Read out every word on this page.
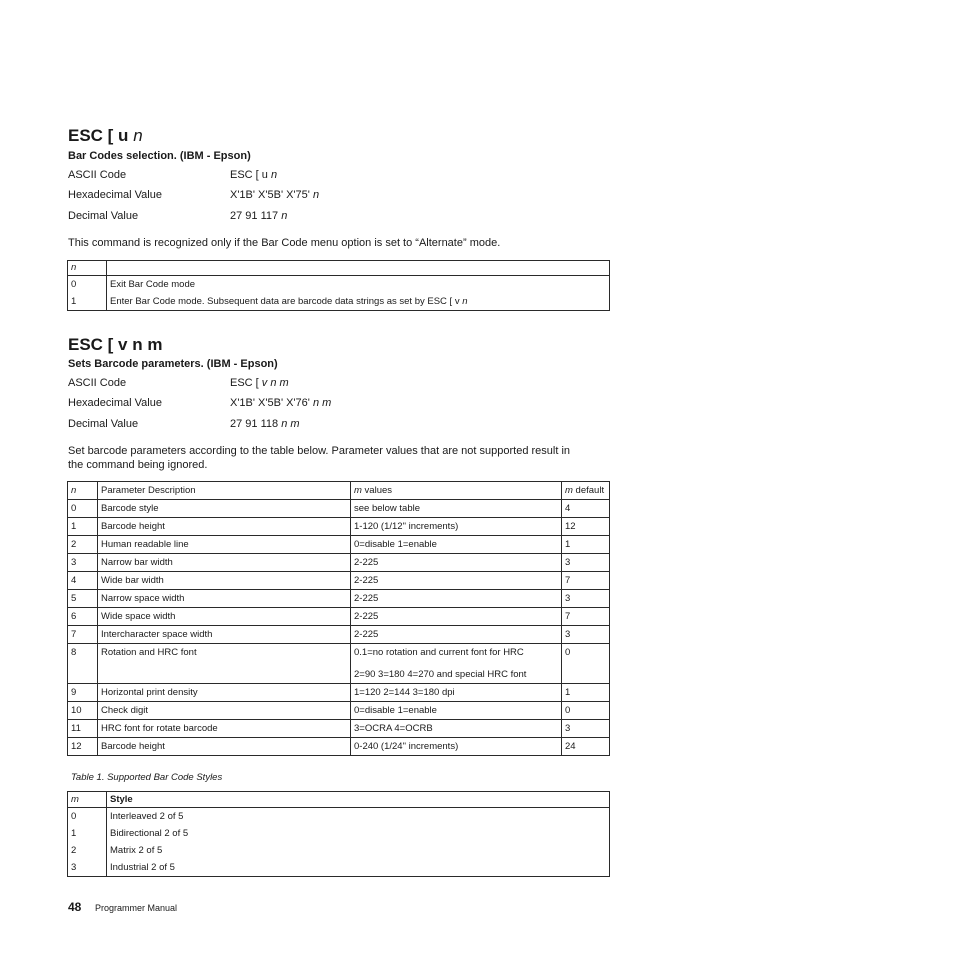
ESC [ u n
Bar Codes selection. (IBM - Epson)
ASCII Code	ESC [ u n
Hexadecimal Value	X'1B' X'5B' X'75' n
Decimal Value	27 91 117 n
This command is recognized only if the Bar Code menu option is set to “Alternate” mode.
n	
0	Exit Bar Code mode
1	Enter Bar Code mode. Subsequent data are barcode data strings as set by ESC [ v n
ESC [ v n m
Sets Barcode parameters. (IBM - Epson)
ASCII Code	ESC [ v n m
Hexadecimal Value	X'1B' X'5B' X'76' n m
Decimal Value	27 91 118 n m
Set barcode parameters according to the table below. Parameter values that are not supported result in
the command being ignored.
n	Parameter Description	m values	m default
0	Barcode style	see below table	4
1	Barcode height	1-120 (1/12" increments)	12
2	Human readable line	0=disable 1=enable	1
3	Narrow bar width	2-225	3
4	Wide bar width	2-225	7
5	Narrow space width	2-225	3
6	Wide space width	2-225	7
7	Intercharacter space width	2-225	3
8	Rotation and HRC font	0.1=no rotation and current font for HRC
2=90 3=180 4=270 and special HRC font	0
9	Horizontal print density	1=120 2=144 3=180 dpi	1
10	Check digit	0=disable 1=enable	0
11	HRC font for rotate barcode	3=OCRA 4=OCRB	3
12	Barcode height	0-240 (1/24" increments)	24
Table 1. Supported Bar Code Styles
m	Style
0	Interleaved 2 of 5
1	Bidirectional 2 of 5
2	Matrix 2 of 5
3	Industrial 2 of 5
48 Programmer Manual
